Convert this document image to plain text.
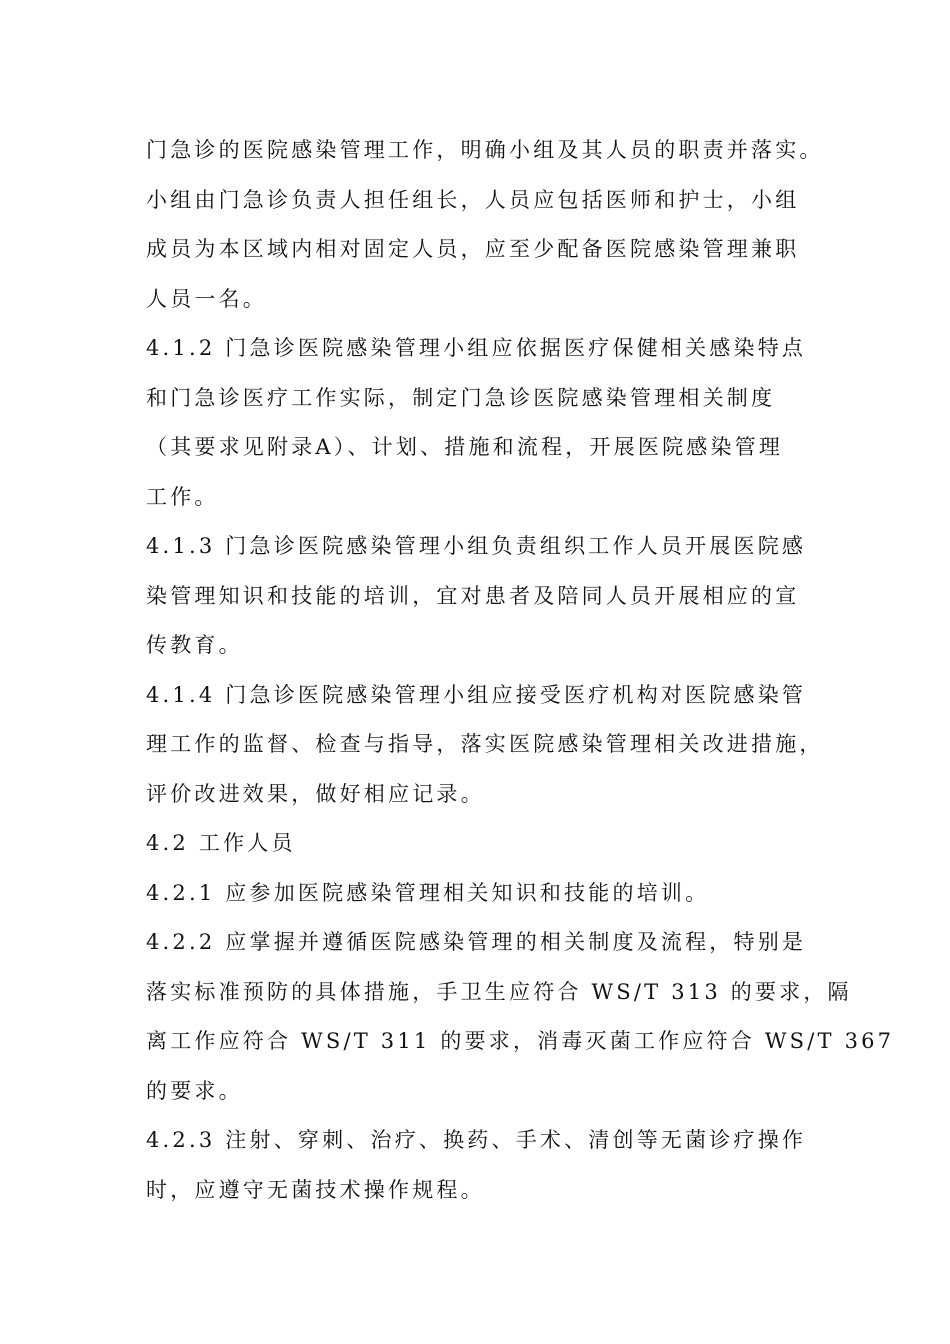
门急诊的医院感染管理工作，明确小组及其人员的职责并落实。
小组由门急诊负责人担任组长，人员应包括医师和护士，小组
成员为本区域内相对固定人员，应至少配备医院感染管理兼职
人员一名。
4.1.2 门急诊医院感染管理小组应依据医疗保健相关感染特点
和门急诊医疗工作实际，制定门急诊医院感染管理相关制度
（其要求见附录A）、计划、措施和流程，开展医院感染管理
工作。
4.1.3 门急诊医院感染管理小组负责组织工作人员开展医院感
染管理知识和技能的培训，宜对患者及陪同人员开展相应的宣
传教育。
4.1.4 门急诊医院感染管理小组应接受医疗机构对医院感染管
理工作的监督、检查与指导，落实医院感染管理相关改进措施，
评价改进效果，做好相应记录。
4.2 工作人员
4.2.1 应参加医院感染管理相关知识和技能的培训。
4.2.2 应掌握并遵循医院感染管理的相关制度及流程，特别是
落实标准预防的具体措施，手卫生应符合 WS/T 313 的要求，隔
离工作应符合 WS/T 311 的要求，消毒灭菌工作应符合 WS/T 367
的要求。
4.2.3 注射、穿刺、治疗、换药、手术、清创等无菌诊疗操作
时，应遵守无菌技术操作规程。
